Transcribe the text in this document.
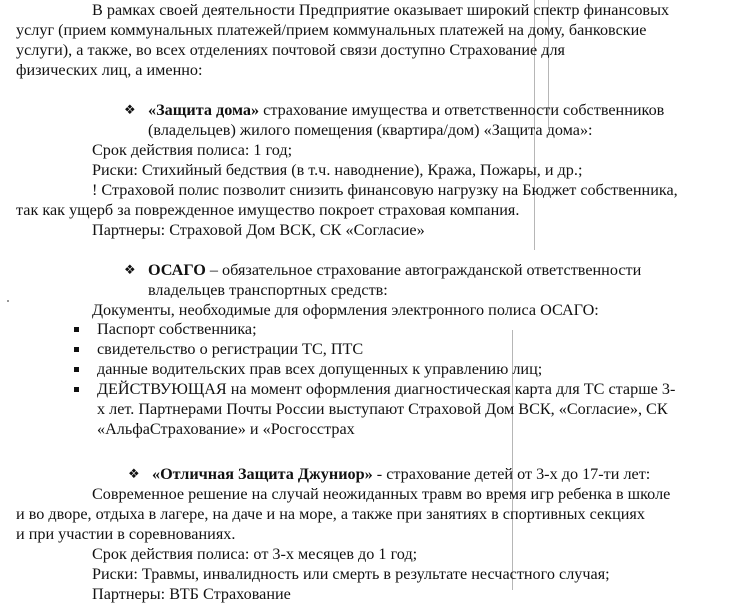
В рамках своей деятельности Предприятие оказывает широкий спектр финансовых
услуг (прием коммунальных платежей/прием коммунальных платежей на дому, банковские
услуги), а также, во всех отделениях почтовой связи доступно Страхование для
физических лиц, а именно:
❖ «Защита дома» страхование имущества и ответственности собственников
(владельцев) жилого помещения (квартира/дом) «Защита дома»:
Срок действия полиса: 1 год;
Риски: Стихийный бедствия (в т.ч. наводнение), Кража, Пожары, и др.;
! Страховой полис позволит снизить финансовую нагрузку на Бюджет собственника,
так как ущерб за поврежденное имущество покроет страховая компания.
Партнеры: Страховой Дом ВСК, СК «Согласие»
❖ ОСАГО – обязательное страхование автогражданской ответственности
владельцев транспортных средств:
Документы, необходимые для оформления электронного полиса ОСАГО:
Паспорт собственника;
свидетельство о регистрации ТС, ПТС
данные водительских прав всех допущенных к управлению лиц;
ДЕЙСТВУЮЩАЯ на момент оформления диагностическая карта для ТС старше 3-
х лет. Партнерами Почты России выступают Страховой Дом ВСК, «Согласие», СК
«АльфаСтрахование» и «Росгосстрах
❖ «Отличная Защита Джуниор» - страхование детей от 3-х до 17-ти лет:
Современное решение на случай неожиданных травм во время игр ребенка в школе
и во дворе, отдыха в лагере, на даче и на море, а также при занятиях в спортивных секциях
и при участии в соревнованиях.
Срок действия полиса: от 3-х месяцев до 1 год;
Риски: Травмы, инвалидность или смерть в результате несчастного случая;
Партнеры: ВТБ Страхование
